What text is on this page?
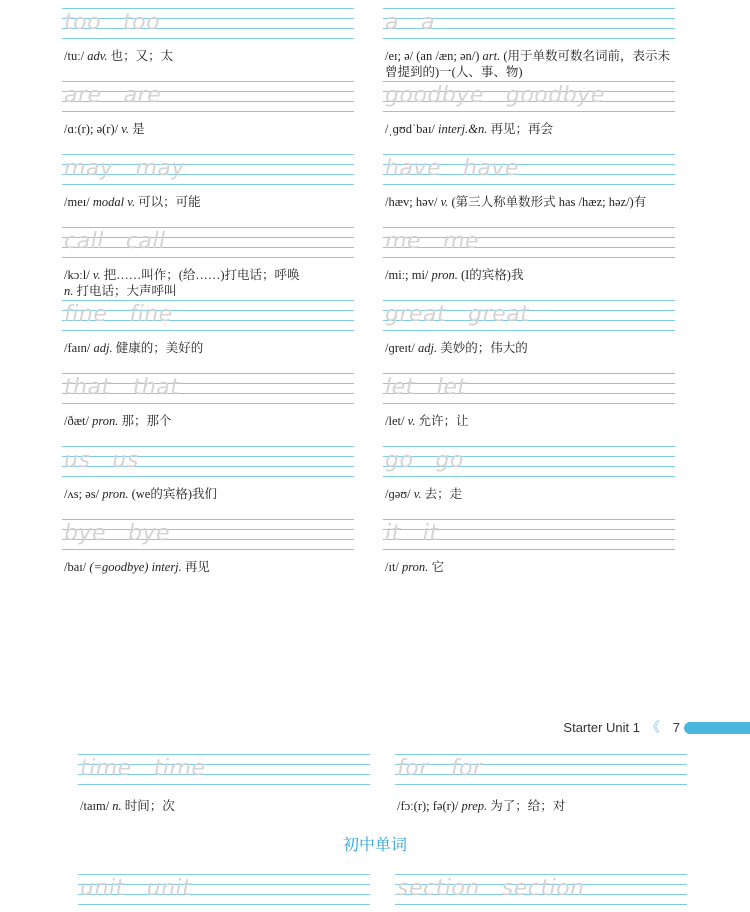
too too
/tuː/ adv. 也；又；太
are are
/ɑː(r); ə(r)/ v. 是
may may
/meɪ/ modal v. 可以；可能
call call
/kɔːl/ v. 把……叫作；(给……)打电话；呼唤
n. 打电话；大声呼叫
fine fine
/faɪn/ adj. 健康的；美好的
that that
/ðæt/ pron. 那；那个
us us
/ʌs; əs/ pron. (we的宾格)我们
bye bye
/baɪ/ (=goodbye) interj. 再见
a a
/eɪ; ə/ (an /æn; ən/) art. (用于单数可数名词前，表示未曾提到的)一(人、事、物)
goodbye goodbye
/ˌɡʊdˈbaɪ/ interj.&n. 再见；再会
have have
/hæv; həv/ v. (第三人称单数形式 has /hæz; həz/)有
me me
/miː; mi/ pron. (I的宾格)我
great great
/ɡreɪt/ adj. 美妙的；伟大的
let let
/let/ v. 允许；让
go go
/ɡəʊ/ v. 去；走
it it
/ɪt/ pron. 它
Starter Unit 1 《 7
time time
/taɪm/ n. 时间；次
for for
/fɔː(r); fə(r)/ prep. 为了；给；对
初中单词
unit unit	section section
